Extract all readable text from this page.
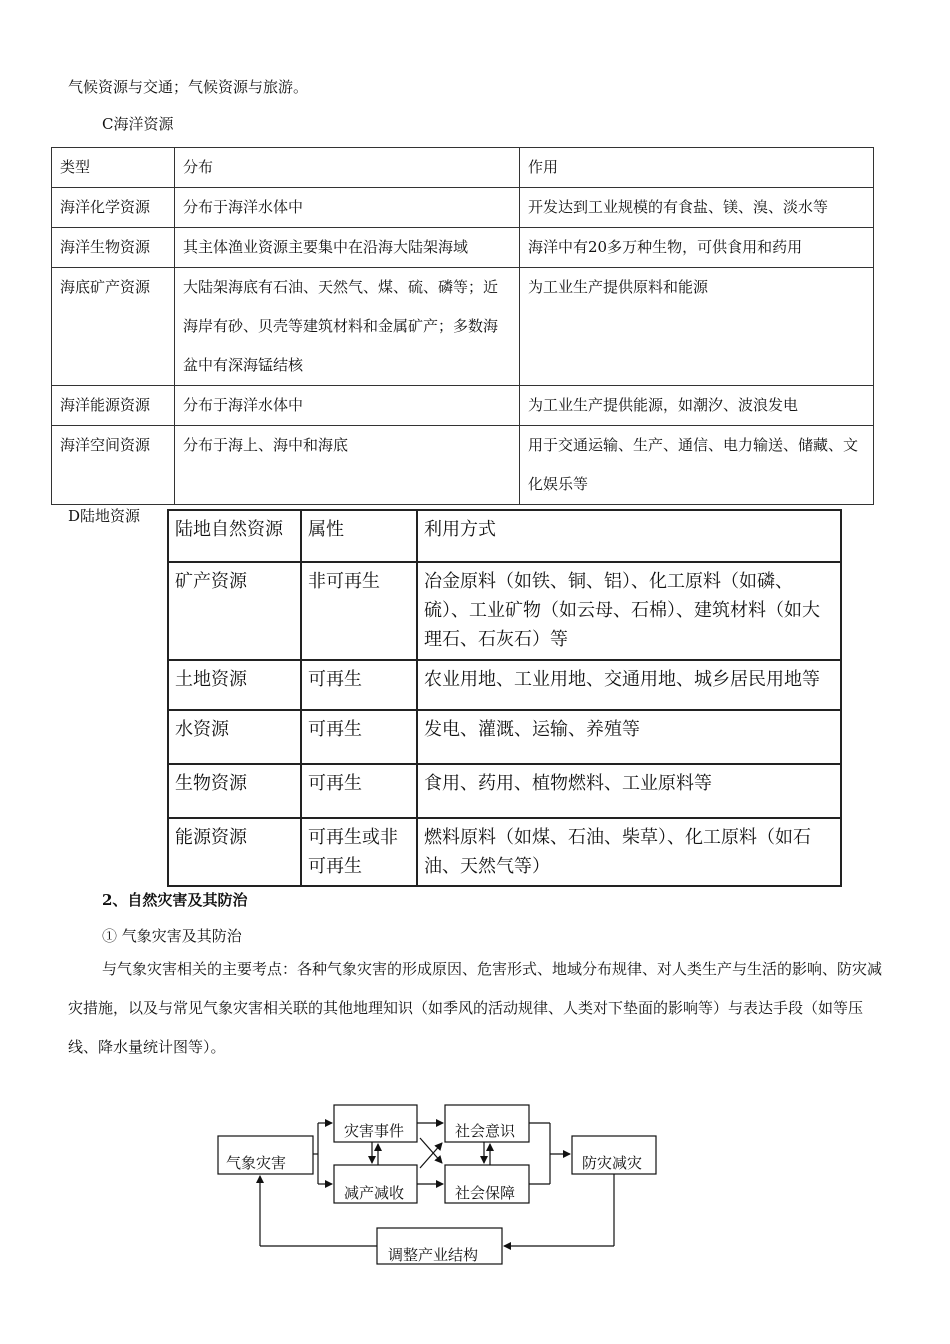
气候资源与交通；气候资源与旅游。
C海洋资源
类型	分布	作用
海洋化学资源	分布于海洋水体中	开发达到工业规模的有食盐、镁、溴、淡水等
海洋生物资源	其主体渔业资源主要集中在沿海大陆架海域	海洋中有20多万种生物，可供食用和药用
海底矿产资源	大陆架海底有石油、天然气、煤、硫、磷等；近海岸有砂、贝壳等建筑材料和金属矿产；多数海盆中有深海锰结核	为工业生产提供原料和能源
海洋能源资源	分布于海洋水体中	为工业生产提供能源，如潮汐、波浪发电
海洋空间资源	分布于海上、海中和海底	用于交通运输、生产、通信、电力输送、储藏、文化娱乐等
D陆地资源
陆地自然资源	属性	利用方式
矿产资源	非可再生	冶金原料（如铁、铜、铝）、化工原料（如磷、硫）、工业矿物（如云母、石棉）、建筑材料（如大理石、石灰石）等
土地资源	可再生	农业用地、工业用地、交通用地、城乡居民用地等
水资源	可再生	发电、灌溉、运输、养殖等
生物资源	可再生	食用、药用、植物燃料、工业原料等
能源资源	可再生或非可再生	燃料原料（如煤、石油、柴草）、化工原料（如石油、天然气等）
2、自然灾害及其防治
① 气象灾害及其防治
与气象灾害相关的主要考点：各种气象灾害的形成原因、危害形式、地域分布规律、对人类生产与生活的影响、防灾减灾措施，以及与常见气象灾害相关联的其他地理知识（如季风的活动规律、人类对下垫面的影响等）与表达手段（如等压线、降水量统计图等）。
气象灾害
灾害事件
减产减收
社会意识
社会保障
防灾减灾
调整产业结构
